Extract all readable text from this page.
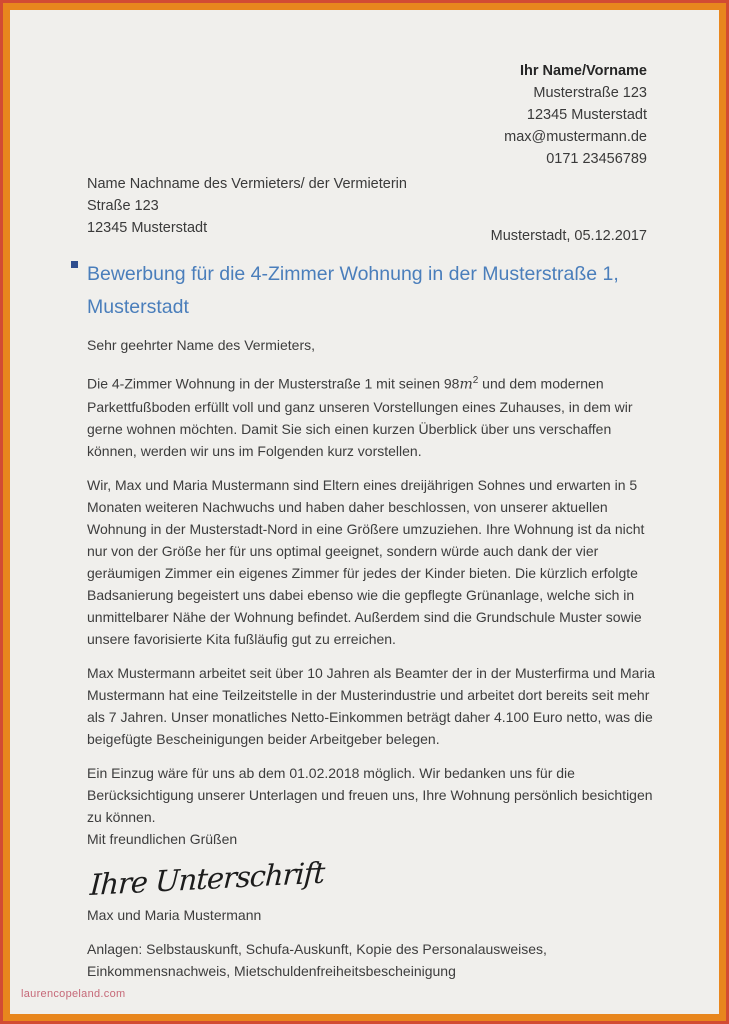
Ihr Name/Vorname
Musterstraße 123
12345 Musterstadt
max@mustermann.de
0171 23456789
Name Nachname des Vermieters/ der Vermieterin
Straße 123
12345 Musterstadt	Musterstadt, 05.12.2017
Bewerbung für die 4-Zimmer Wohnung in der Musterstraße 1,
Musterstadt

Sehr geehrter Name des Vermieters,

Die 4-Zimmer Wohnung in der Musterstraße 1 mit seinen $98m^2$ und dem modernen Parkettfußboden erfüllt voll und ganz unseren Vorstellungen eines Zuhauses, in dem wir gerne wohnen möchten. Damit Sie sich einen kurzen Überblick über uns verschaffen können, werden wir uns im Folgenden kurz vorstellen.

Wir, Max und Maria Mustermann sind Eltern eines dreijährigen Sohnes und erwarten in 5 Monaten weiteren Nachwuchs und haben daher beschlossen, von unserer aktuellen Wohnung in der Musterstadt-Nord in eine Größere umzuziehen. Ihre Wohnung ist da nicht nur von der Größe her für uns optimal geeignet, sondern würde auch dank der vier geräumigen Zimmer ein eigenes Zimmer für jedes der Kinder bieten. Die kürzlich erfolgte Badsanierung begeistert uns dabei ebenso wie die gepflegte Grünanlage, welche sich in unmittelbarer Nähe der Wohnung befindet. Außerdem sind die Grundschule Muster sowie unsere favorisierte Kita fußläufig gut zu erreichen.

Max Mustermann arbeitet seit über 10 Jahren als Beamter der in der Musterfirma und Maria Mustermann hat eine Teilzeitstelle in der Musterindustrie und arbeitet dort bereits seit mehr als 7 Jahren. Unser monatliches Netto-Einkommen beträgt daher 4.100 Euro netto, was die beigefügte Bescheinigungen beider Arbeitgeber belegen.

Ein Einzug wäre für uns ab dem 01.02.2018 möglich. Wir bedanken uns für die Berücksichtigung unserer Unterlagen und freuen uns, Ihre Wohnung persönlich besichtigen zu können.

Mit freundlichen Grüßen

Ihre Unterschrift

Max und Maria Mustermann

Anlagen: Selbstauskunft, Schufa-Auskunft, Kopie des Personalausweises, Einkommensnachweis, Mietschuldenfreiheitsbescheinigung

laurencopeland.com
